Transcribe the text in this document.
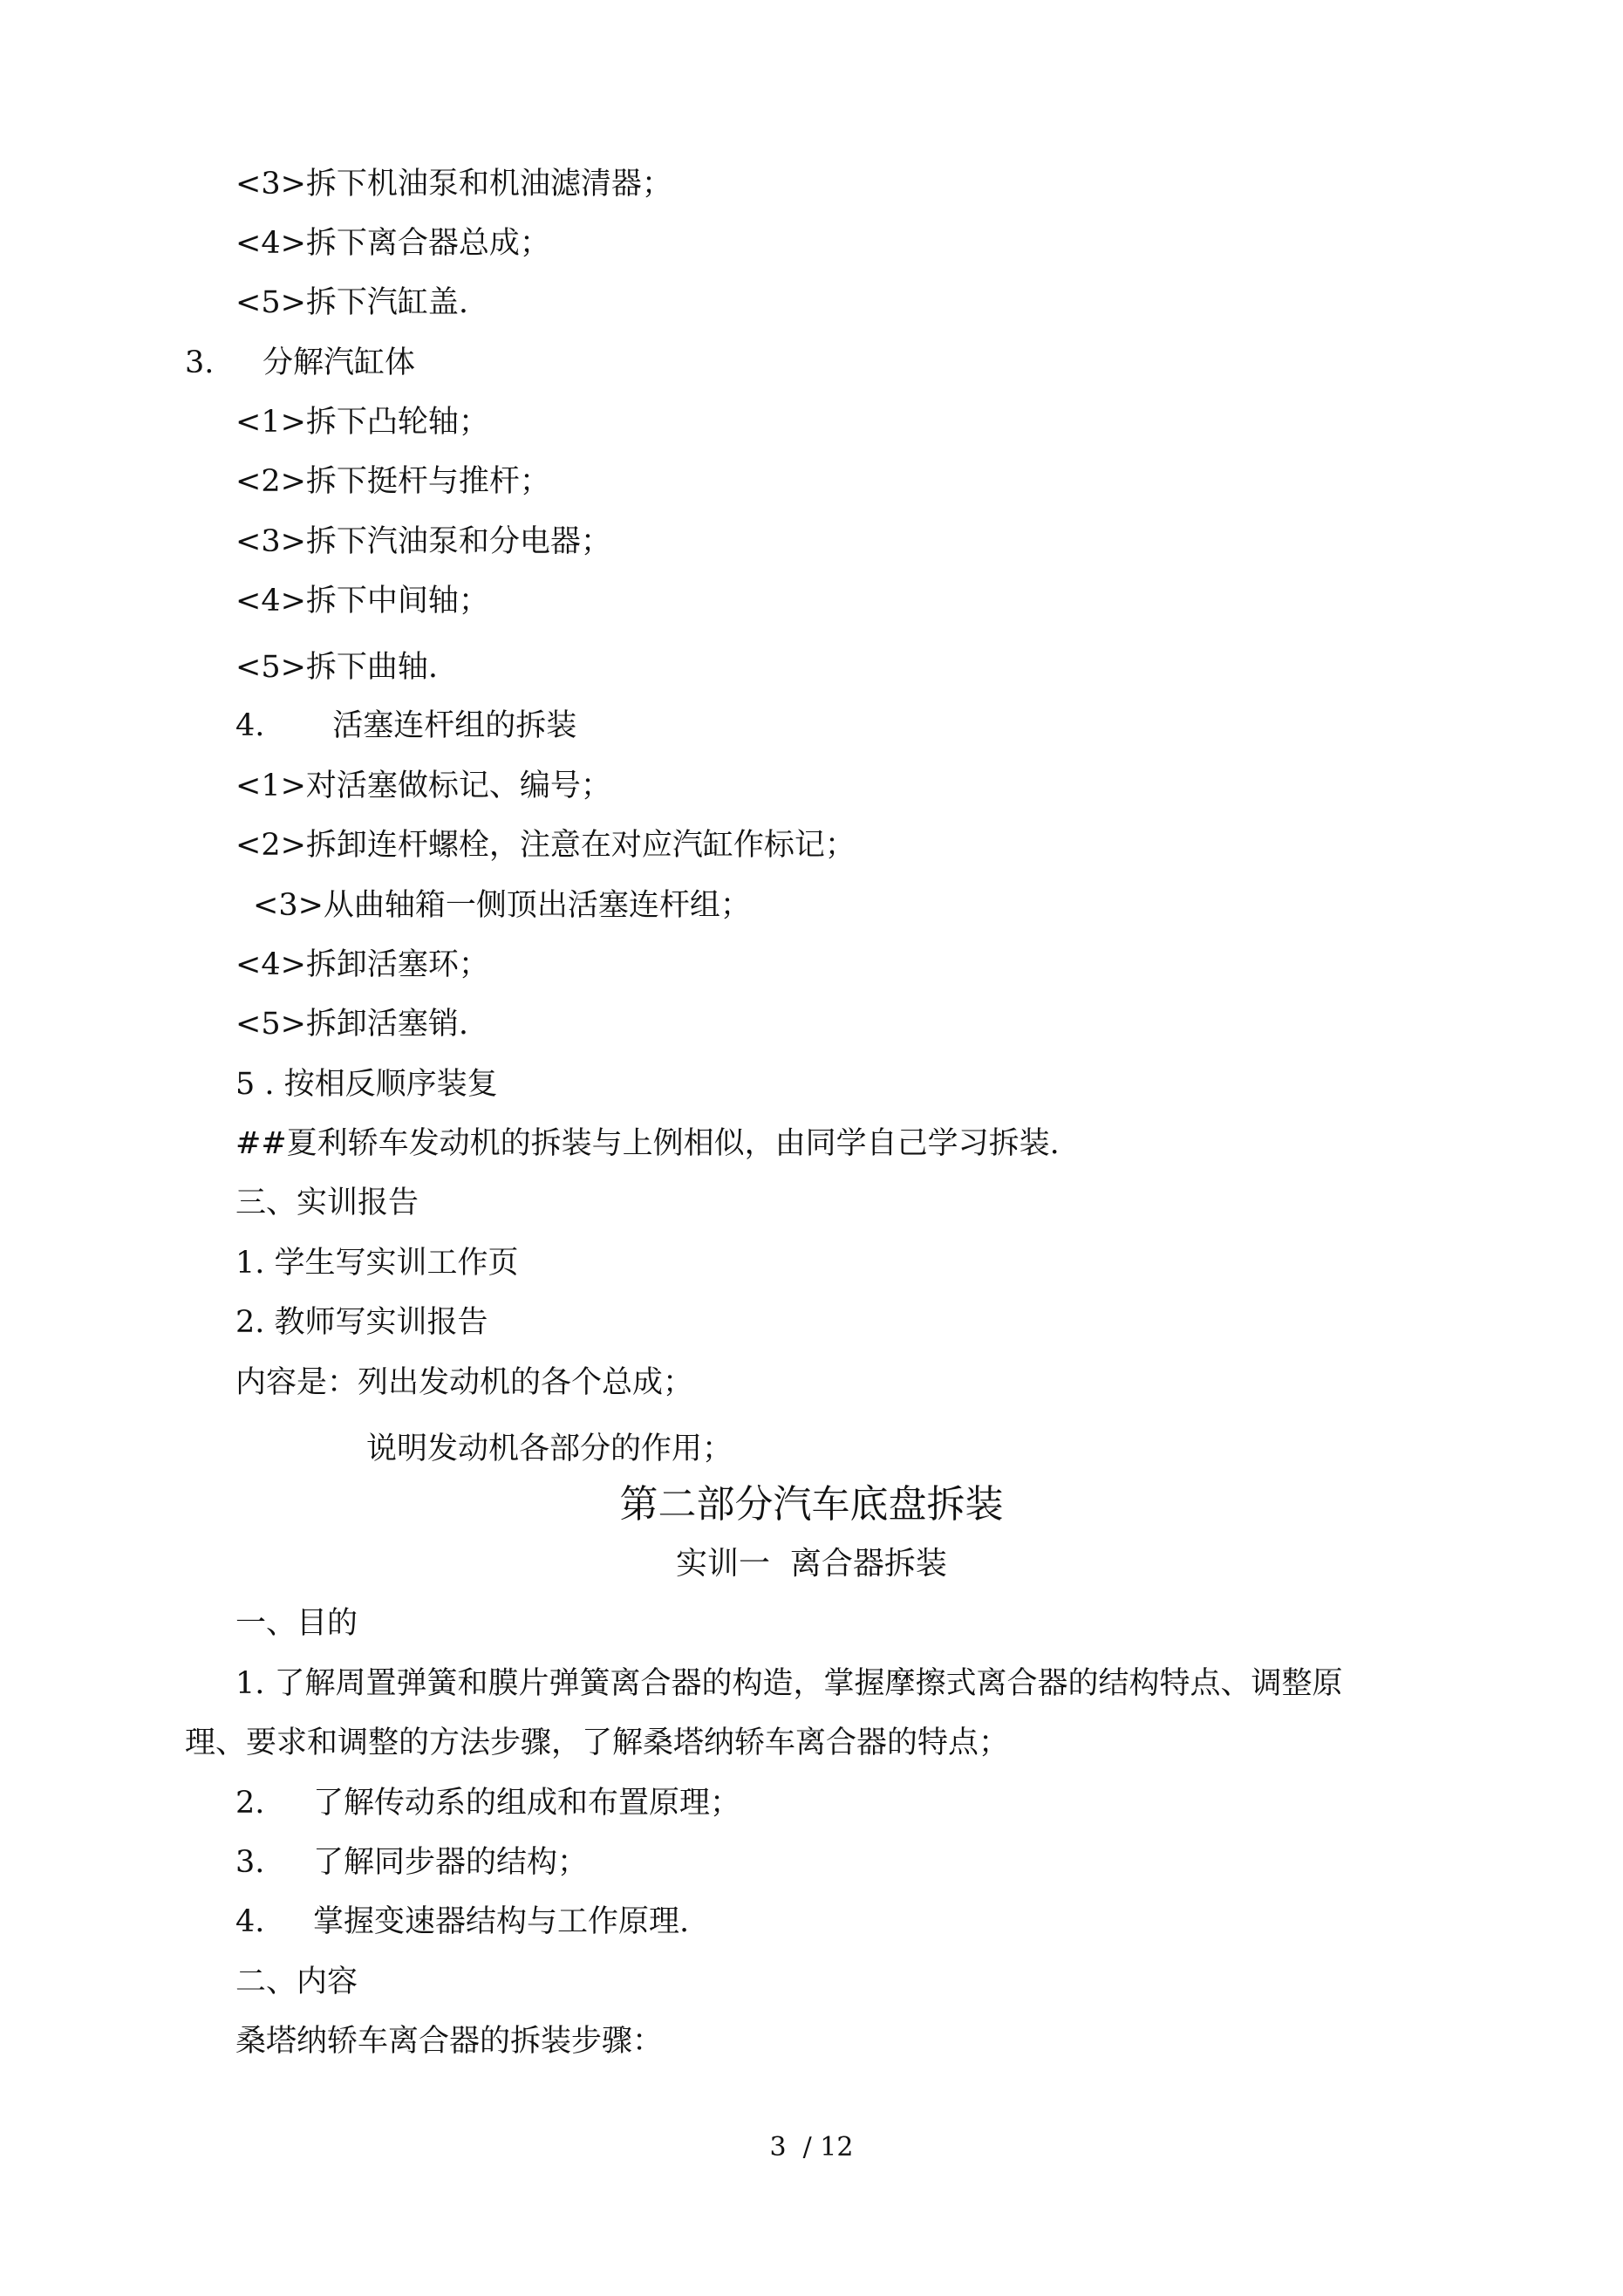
<3>拆下机油泵和机油滤清器；
<4>拆下离合器总成；
<5>拆下汽缸盖.
3.     分解汽缸体
<1>拆下凸轮轴；
<2>拆下挺杆与推杆；
<3>拆下汽油泵和分电器；
<4>拆下中间轴；
<5>拆下曲轴.
4.       活塞连杆组的拆装
<1>对活塞做标记、编号；
<2>拆卸连杆螺栓，注意在对应汽缸作标记；
<3>从曲轴箱一侧顶出活塞连杆组；
<4>拆卸活塞环；
<5>拆卸活塞销.
5 . 按相反顺序装复
##夏利轿车发动机的拆装与上例相似，由同学自己学习拆装.
三、实训报告
1. 学生写实训工作页
2. 教师写实训报告
内容是：列出发动机的各个总成；
说明发动机各部分的作用；
第二部分汽车底盘拆装
实训一  离合器拆装
一、目的
1. 了解周置弹簧和膜片弹簧离合器的构造，掌握摩擦式离合器的结构特点、调整原
理、要求和调整的方法步骤，了解桑塔纳轿车离合器的特点；
2.     了解传动系的组成和布置原理；
3.     了解同步器的结构；
4.     掌握变速器结构与工作原理.
二、内容
桑塔纳轿车离合器的拆装步骤：
3  / 12
